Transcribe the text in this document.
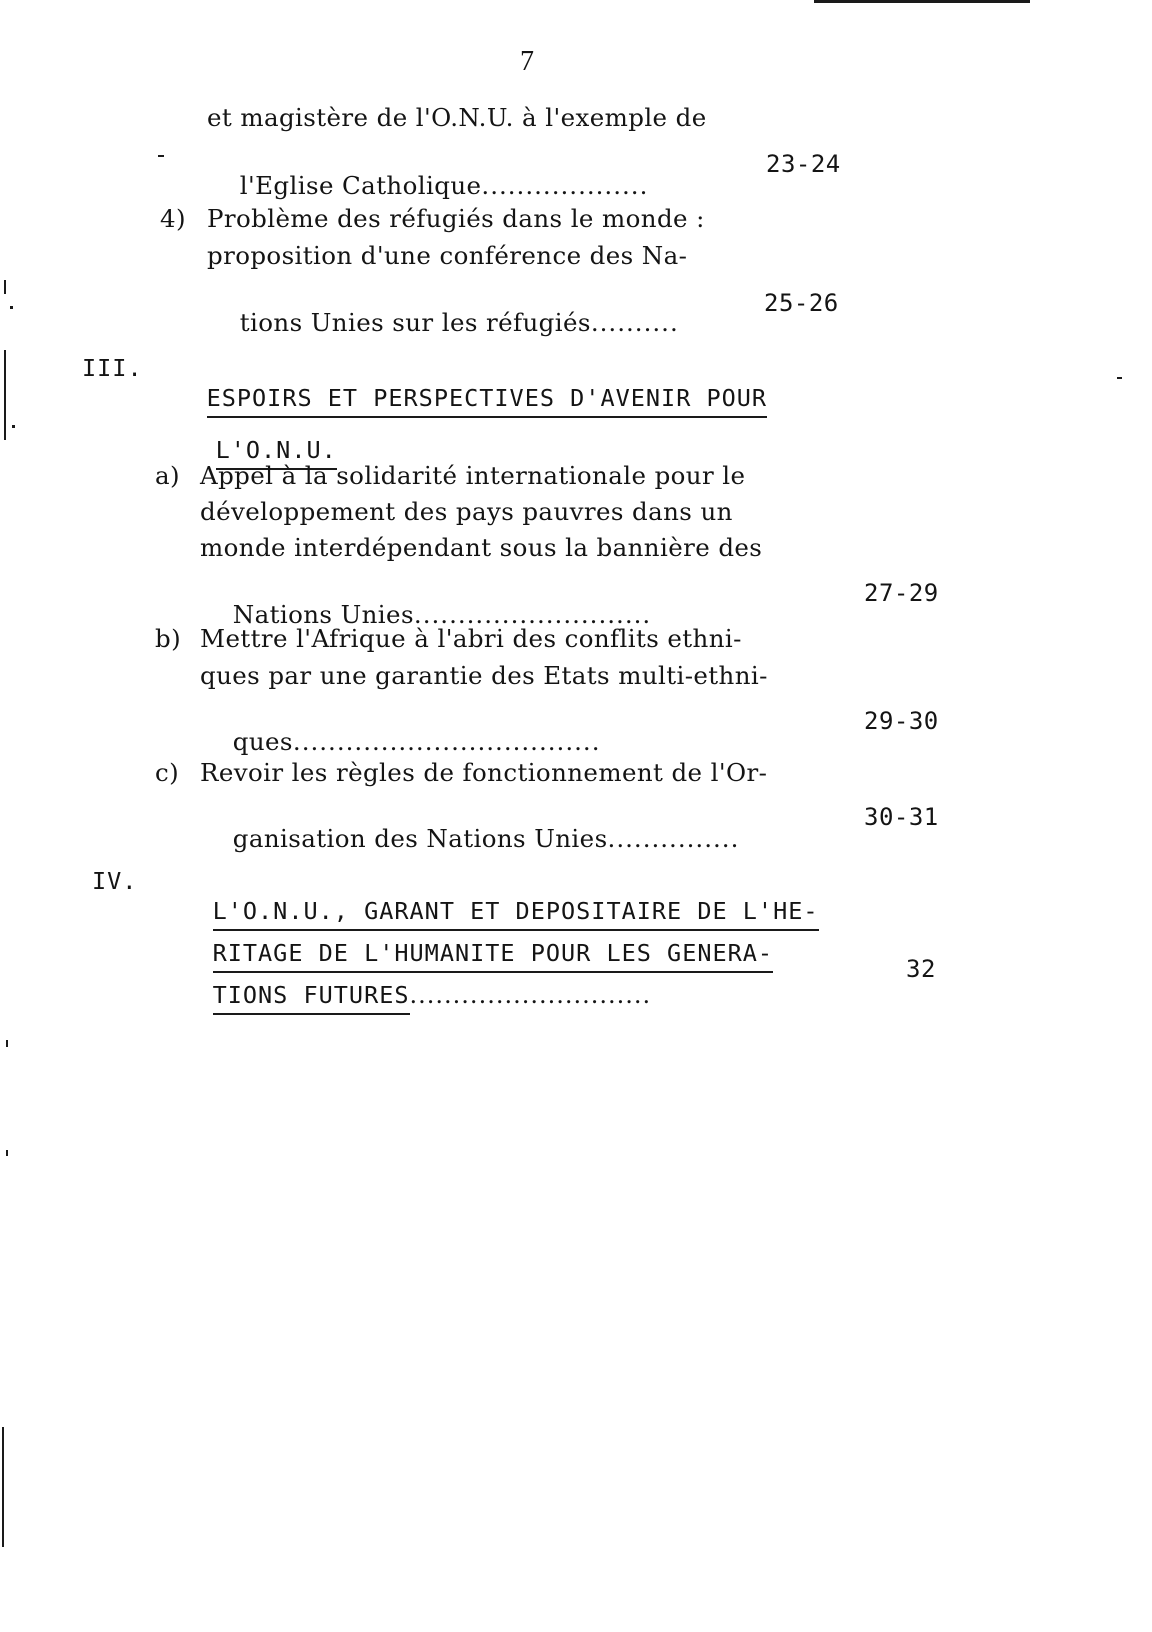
7
et magistère de l'O.N.U. à l'exemple de

l'Eglise Catholique...................

23-24
4) Problème des réfugiés dans le monde :
proposition d'une conférence des Na-

tions Unies sur les réfugiés..........

25-26
III.

ESPOIRS ET PERSPECTIVES D'AVENIR POUR

L'O.N.U.

a) Appel à la solidarité internationale pour le
développement des pays pauvres dans un
monde interdépendant sous la bannière des

Nations Unies...........................

27-29
b) Mettre l'Afrique à l'abri des conflits ethni-
ques par une garantie des Etats multi-ethni-

ques...................................

29-30
c) Revoir les règles de fonctionnement de l'Or-

ganisation des Nations Unies...............

30-31
IV.

L'O.N.U., GARANT ET DEPOSITAIRE DE L'HE-

RITAGE DE L'HUMANITE POUR LES GENERA-

TIONS FUTURES............................

32
